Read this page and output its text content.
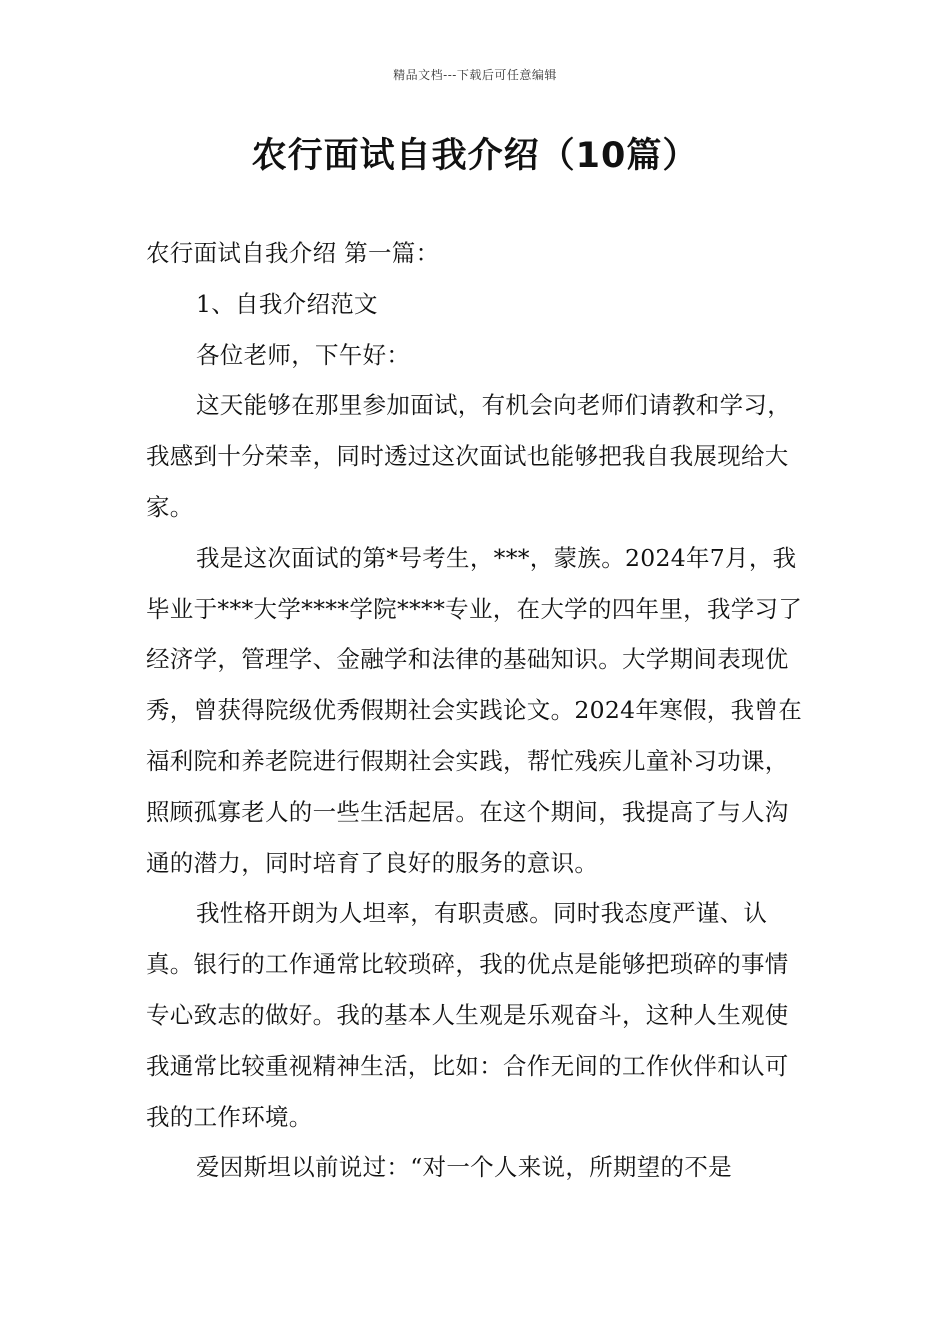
精品文档---下载后可任意编辑
农行面试自我介绍（10篇）

农行面试自我介绍 第一篇：

1、自我介绍范文

各位老师，下午好：

这天能够在那里参加面试，有机会向老师们请教和学习，我感到十分荣幸，同时透过这次面试也能够把我自我展现给大家。

我是这次面试的第*号考生，***，蒙族。2024年7月，我毕业于***大学****学院****专业，在大学的四年里，我学习了经济学，管理学、金融学和法律的基础知识。大学期间表现优秀，曾获得院级优秀假期社会实践论文。2024年寒假，我曾在福利院和养老院进行假期社会实践，帮忙残疾儿童补习功课，照顾孤寡老人的一些生活起居。在这个期间，我提高了与人沟通的潜力，同时培育了良好的服务的意识。

我性格开朗为人坦率，有职责感。同时我态度严谨、认真。银行的工作通常比较琐碎，我的优点是能够把琐碎的事情专心致志的做好。我的基本人生观是乐观奋斗，这种人生观使我通常比较重视精神生活，比如：合作无间的工作伙伴和认可我的工作环境。

爱因斯坦以前说过：“对一个人来说，所期望的不是
